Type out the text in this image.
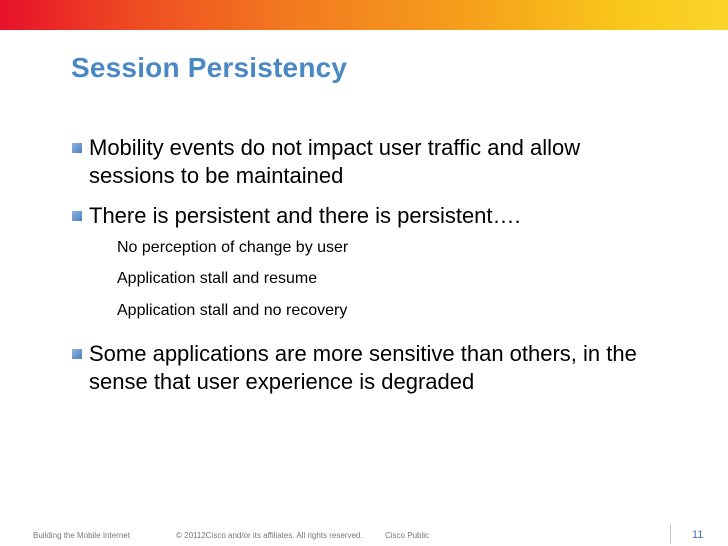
Session Persistency
Mobility events do not impact user traffic and allow sessions to be maintained
There is persistent and there is persistent….
No perception of change by user
Application stall and resume
Application stall and no recovery
Some applications are more sensitive than others, in the sense that user experience is degraded
Building the Mobile Internet	© 20112Cisco and/or its affiliates. All rights reserved.	Cisco Public	11
